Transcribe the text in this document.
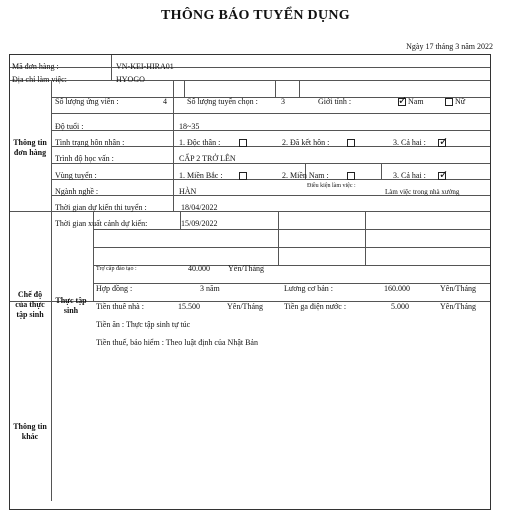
THÔNG BÁO TUYỂN DỤNG
Ngày 17 tháng 3 năm 2022
Mã đơn hàng :	VN-KEI-HIRA01
Địa chỉ làm việc:	HYOGO
Thông tin đơn hàng
Số lượng ứng viên :	4	Số lượng tuyển chọn :	3	Giới tính :	✓ Nam	Nữ
Độ tuổi :	18~35
Tình trạng hôn nhân :	1. Độc thân :	2. Đã kết hôn :	3. Cả hai : ✓
Trình độ học vấn :	CẤP 2 TRỞ LÊN
Vùng tuyển :	1. Miền Bắc :	2. Miền Nam :	3. Cả hai : ✓
Ngành nghề :	HÀN
Điều kiện làm việc :
Làm việc trong nhà xưởng
Thời gian dự kiến thi tuyển :	18/04/2022
Thời gian xuất cảnh dự kiến:	15/09/2022
Chế độ của thực tập sinh
Thực tập sinh
Trợ cấp đào tạo :	40.000 Yên/Tháng
Hợp đồng :	3 năm	Lương cơ bản :	160.000	Yên/Tháng
Tiền thuê nhà :	15.500	Yên/Tháng	Tiền ga điện nước :	5.000	Yên/Tháng
Tiền ăn : Thực tập sinh tự túc
Tiền thuế, bảo hiểm : Theo luật định của Nhật Bản
Thông tin khác
